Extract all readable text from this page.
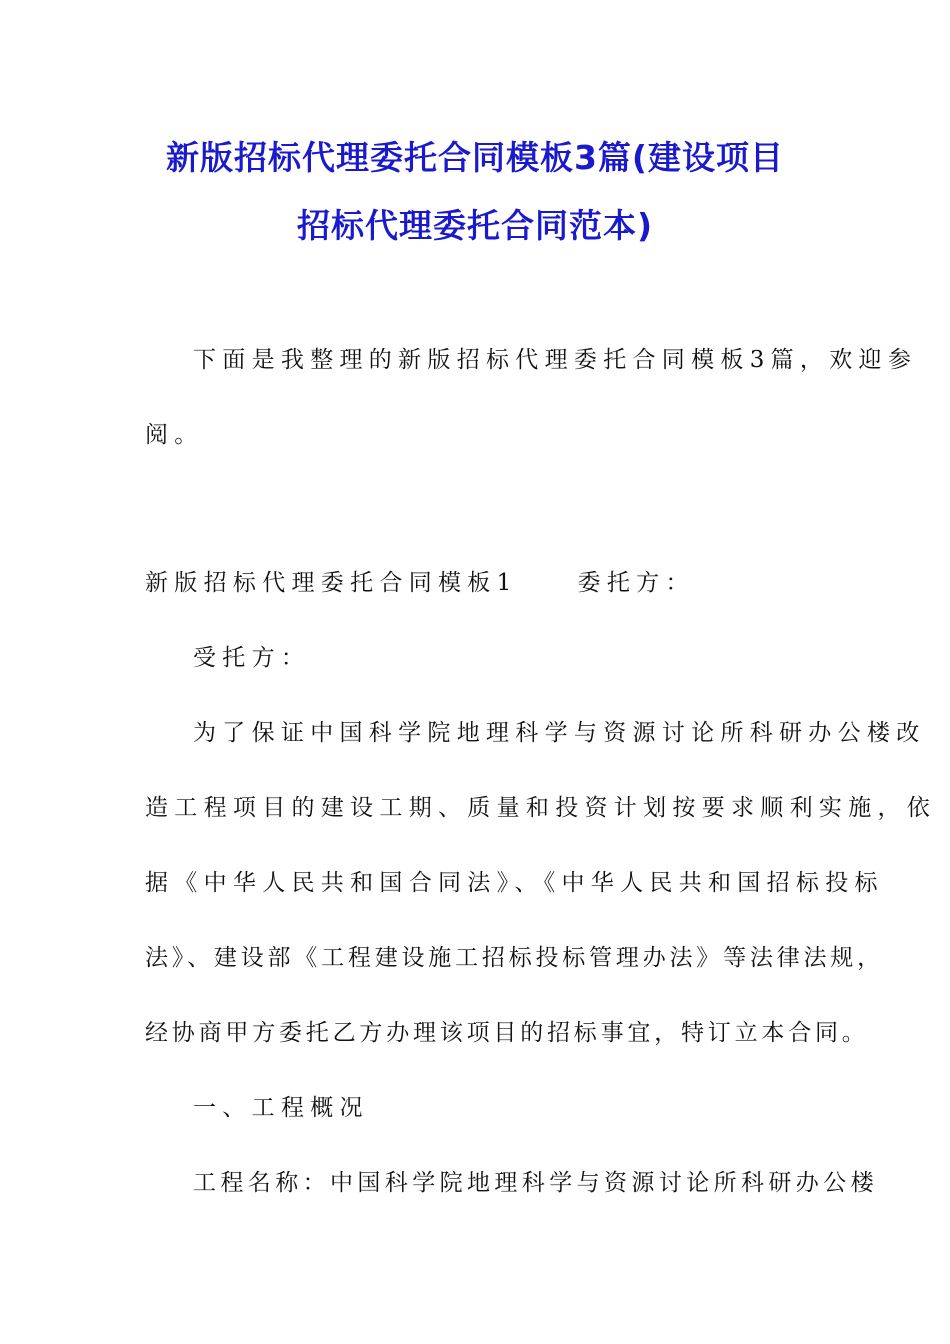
新版招标代理委托合同模板3篇(建设项目
招标代理委托合同范本)
下面是我整理的新版招标代理委托合同模板3篇，欢迎参
阅。
新版招标代理委托合同模板1	委托方：
受托方：
为了保证中国科学院地理科学与资源讨论所科研办公楼改
造工程项目的建设工期、质量和投资计划按要求顺利实施，依
据《中华人民共和国合同法》、《中华人民共和国招标投标
法》、建设部《工程建设施工招标投标管理办法》等法律法规，
经协商甲方委托乙方办理该项目的招标事宜，特订立本合同。
一、工程概况
工程名称：中国科学院地理科学与资源讨论所科研办公楼
